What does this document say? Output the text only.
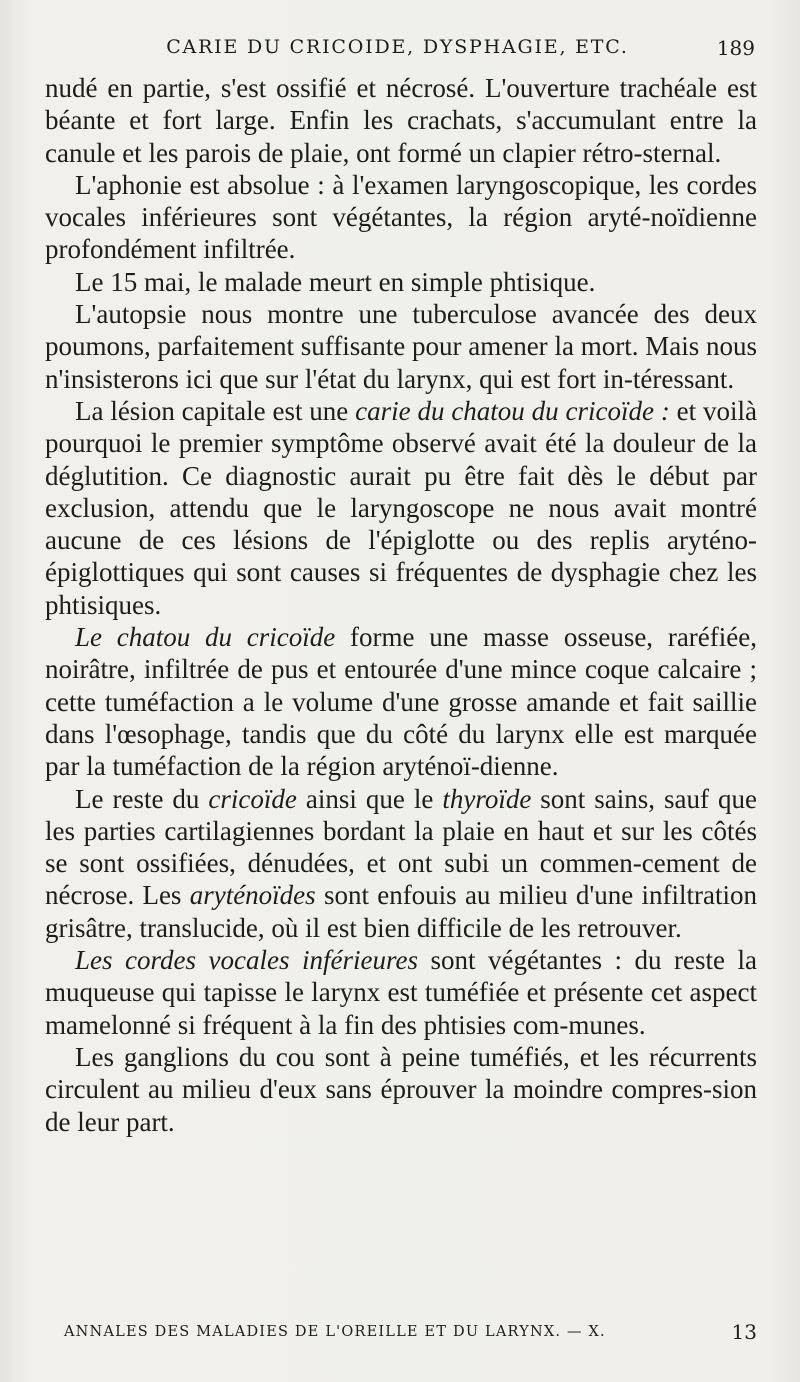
CARIE DU CRICOIDE, DYSPHAGIE, ETC.	189

nudé en partie, s'est ossifié et nécrosé. L'ouverture trachéale est béante et fort large. Enfin les crachats, s'accumulant entre la canule et les parois de plaie, ont formé un clapier rétro-sternal.

L'aphonie est absolue : à l'examen laryngoscopique, les cordes vocales inférieures sont végétantes, la région aryté-noïdienne profondément infiltrée.

Le 15 mai, le malade meurt en simple phtisique.

L'autopsie nous montre une tuberculose avancée des deux poumons, parfaitement suffisante pour amener la mort. Mais nous n'insisterons ici que sur l'état du larynx, qui est fort in-téressant.

La lésion capitale est une carie du chatou du cricoïde : et voilà pourquoi le premier symptôme observé avait été la douleur de la déglutition. Ce diagnostic aurait pu être fait dès le début par exclusion, attendu que le laryngoscope ne nous avait montré aucune de ces lésions de l'épiglotte ou des replis aryténo-épiglottiques qui sont causes si fréquentes de dysphagie chez les phtisiques.

Le chatou du cricoïde forme une masse osseuse, raréfiée, noirâtre, infiltrée de pus et entourée d'une mince coque calcaire ; cette tuméfaction a le volume d'une grosse amande et fait saillie dans l'œsophage, tandis que du côté du larynx elle est marquée par la tuméfaction de la région aryténoï-dienne.

Le reste du cricoïde ainsi que le thyroïde sont sains, sauf que les parties cartilagiennes bordant la plaie en haut et sur les côtés se sont ossifiées, dénudées, et ont subi un commen-cement de nécrose. Les aryténoïdes sont enfouis au milieu d'une infiltration grisâtre, translucide, où il est bien difficile de les retrouver.

Les cordes vocales inférieures sont végétantes : du reste la muqueuse qui tapisse le larynx est tuméfiée et présente cet aspect mamelonné si fréquent à la fin des phtisies com-munes.

Les ganglions du cou sont à peine tuméfiés, et les récurrents circulent au milieu d'eux sans éprouver la moindre compres-sion de leur part.

ANNALES DES MALADIES DE L'OREILLE ET DU LARYNX. — X.	13
